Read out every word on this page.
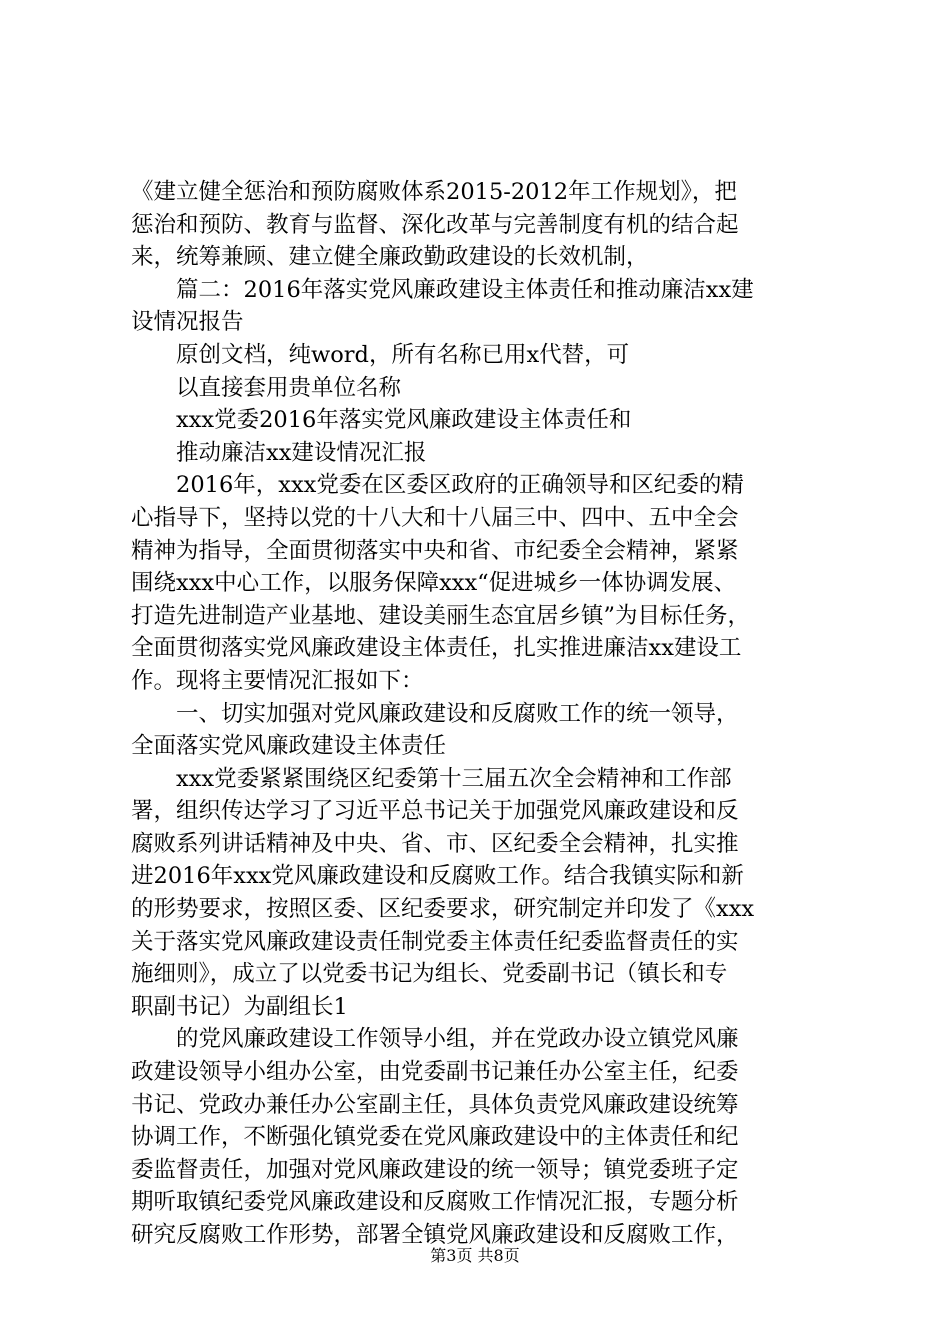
《建立健全惩治和预防腐败体系2015-2012年工作规划》，把
惩治和预防、教育与监督、深化改革与完善制度有机的结合起
来，统筹兼顾、建立健全廉政勤政建设的长效机制，
　　篇二：2016年落实党风廉政建设主体责任和推动廉洁xx建
设情况报告
　　原创文档，纯word，所有名称已用x代替，可
　　以直接套用贵单位名称
　　xxx党委2016年落实党风廉政建设主体责任和
　　推动廉洁xx建设情况汇报
　　2016年，xxx党委在区委区政府的正确领导和区纪委的精
心指导下，坚持以党的十八大和十八届三中、四中、五中全会
精神为指导，全面贯彻落实中央和省、市纪委全会精神，紧紧
围绕xxx中心工作，以服务保障xxx“促进城乡一体协调发展、
打造先进制造产业基地、建设美丽生态宜居乡镇”为目标任务，
全面贯彻落实党风廉政建设主体责任，扎实推进廉洁xx建设工
作。现将主要情况汇报如下：
　　一、切实加强对党风廉政建设和反腐败工作的统一领导，
全面落实党风廉政建设主体责任
　　xxx党委紧紧围绕区纪委第十三届五次全会精神和工作部
署，组织传达学习了习近平总书记关于加强党风廉政建设和反
腐败系列讲话精神及中央、省、市、区纪委全会精神，扎实推
进2016年xxx党风廉政建设和反腐败工作。结合我镇实际和新
的形势要求，按照区委、区纪委要求，研究制定并印发了《xxx
关于落实党风廉政建设责任制党委主体责任纪委监督责任的实
施细则》，成立了以党委书记为组长、党委副书记（镇长和专
职副书记）为副组长1
　　的党风廉政建设工作领导小组，并在党政办设立镇党风廉
政建设领导小组办公室，由党委副书记兼任办公室主任，纪委
书记、党政办兼任办公室副主任，具体负责党风廉政建设统筹
协调工作，不断强化镇党委在党风廉政建设中的主体责任和纪
委监督责任，加强对党风廉政建设的统一领导；镇党委班子定
期听取镇纪委党风廉政建设和反腐败工作情况汇报，专题分析
研究反腐败工作形势，部署全镇党风廉政建设和反腐败工作，
第3页 共8页
